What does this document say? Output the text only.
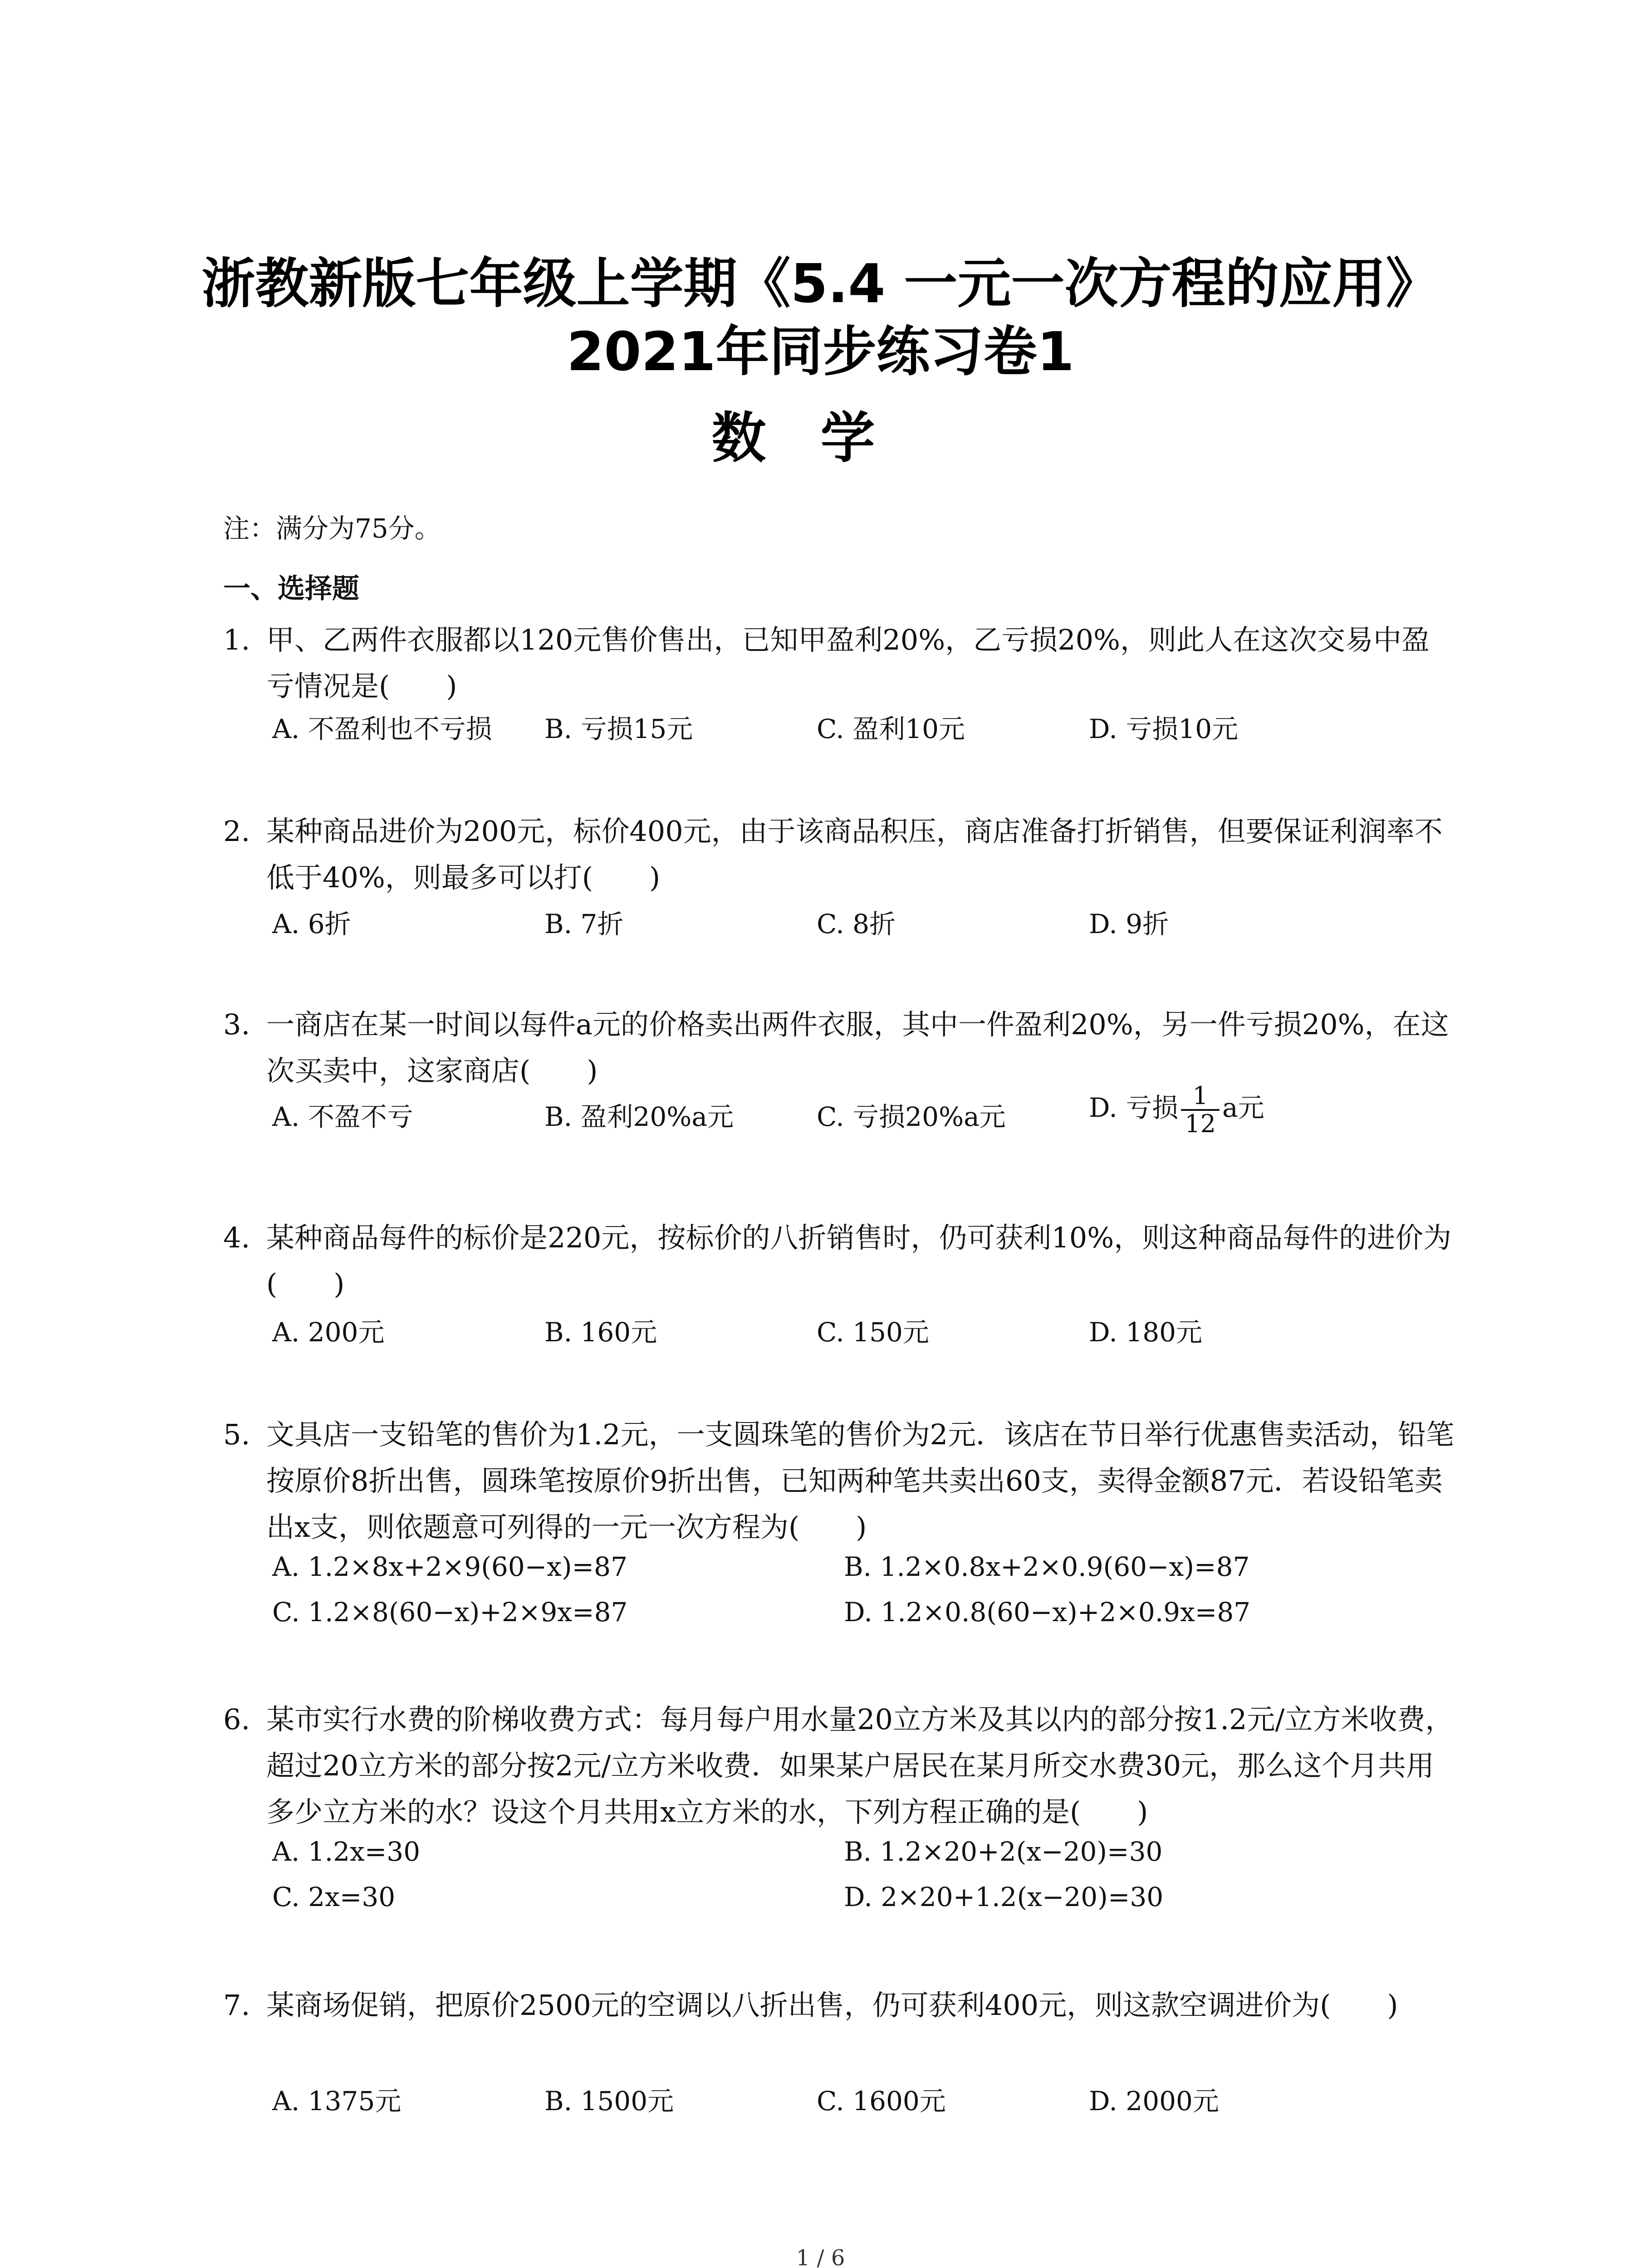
浙教新版七年级上学期《5.4 一元一次方程的应用》2021年同步练习卷1
数学
注：满分为75分。
一、选择题
1. 甲、乙两件衣服都以120元售价售出，已知甲盈利20%，乙亏损20%，则此人在这次交易中盈亏情况是(　　)
A. 不盈利也不亏损 B. 亏损15元	C. 盈利10元	D. 亏损10元
2. 某种商品进价为200元，标价400元，由于该商品积压，商店准备打折销售，但要保证利润率不低于40%，则最多可以打(　　)
A. 6折	B. 7折	C. 8折	D. 9折
3. 一商店在某一时间以每件a元的价格卖出两件衣服，其中一件盈利20%，另一件亏损20%，在这次买卖中，这家商店(　　)
A. 不盈不亏	B. 盈利20%a元	C. 亏损20%a元	D. 亏损 $\frac{1}{12}$ a元
4. 某种商品每件的标价是220元，按标价的八折销售时，仍可获利10%，则这种商品每件的进价为(　　)
A. 200元	B. 160元	C. 150元	D. 180元
5. 文具店一支铅笔的售价为1.2元，一支圆珠笔的售价为2元．该店在节日举行优惠售卖活动，铅笔按原价8折出售，圆珠笔按原价9折出售，已知两种笔共卖出60支，卖得金额87元．若设铅笔卖出x支，则依题意可列得的一元一次方程为(　　)
A. 1.2×8x+2×9(60−x)=87	B. 1.2×0.8x+2×0.9(60−x)=87
C. 1.2×8(60−x)+2×9x=87	D. 1.2×0.8(60−x)+2×0.9x=87
6. 某市实行水费的阶梯收费方式：每月每户用水量20立方米及其以内的部分按1.2元/立方米收费，超过20立方米的部分按2元/立方米收费．如果某户居民在某月所交水费30元，那么这个月共用多少立方米的水？设这个月共用x立方米的水，下列方程正确的是(　　)
A. 1.2x=30	B. 1.2×20+2(x−20)=30
C. 2x=30	D. 2×20+1.2(x−20)=30
7. 某商场促销，把原价2500元的空调以八折出售，仍可获利400元，则这款空调进价为(　　)
A. 1375元	B. 1500元	C. 1600元	D. 2000元
1 / 6
